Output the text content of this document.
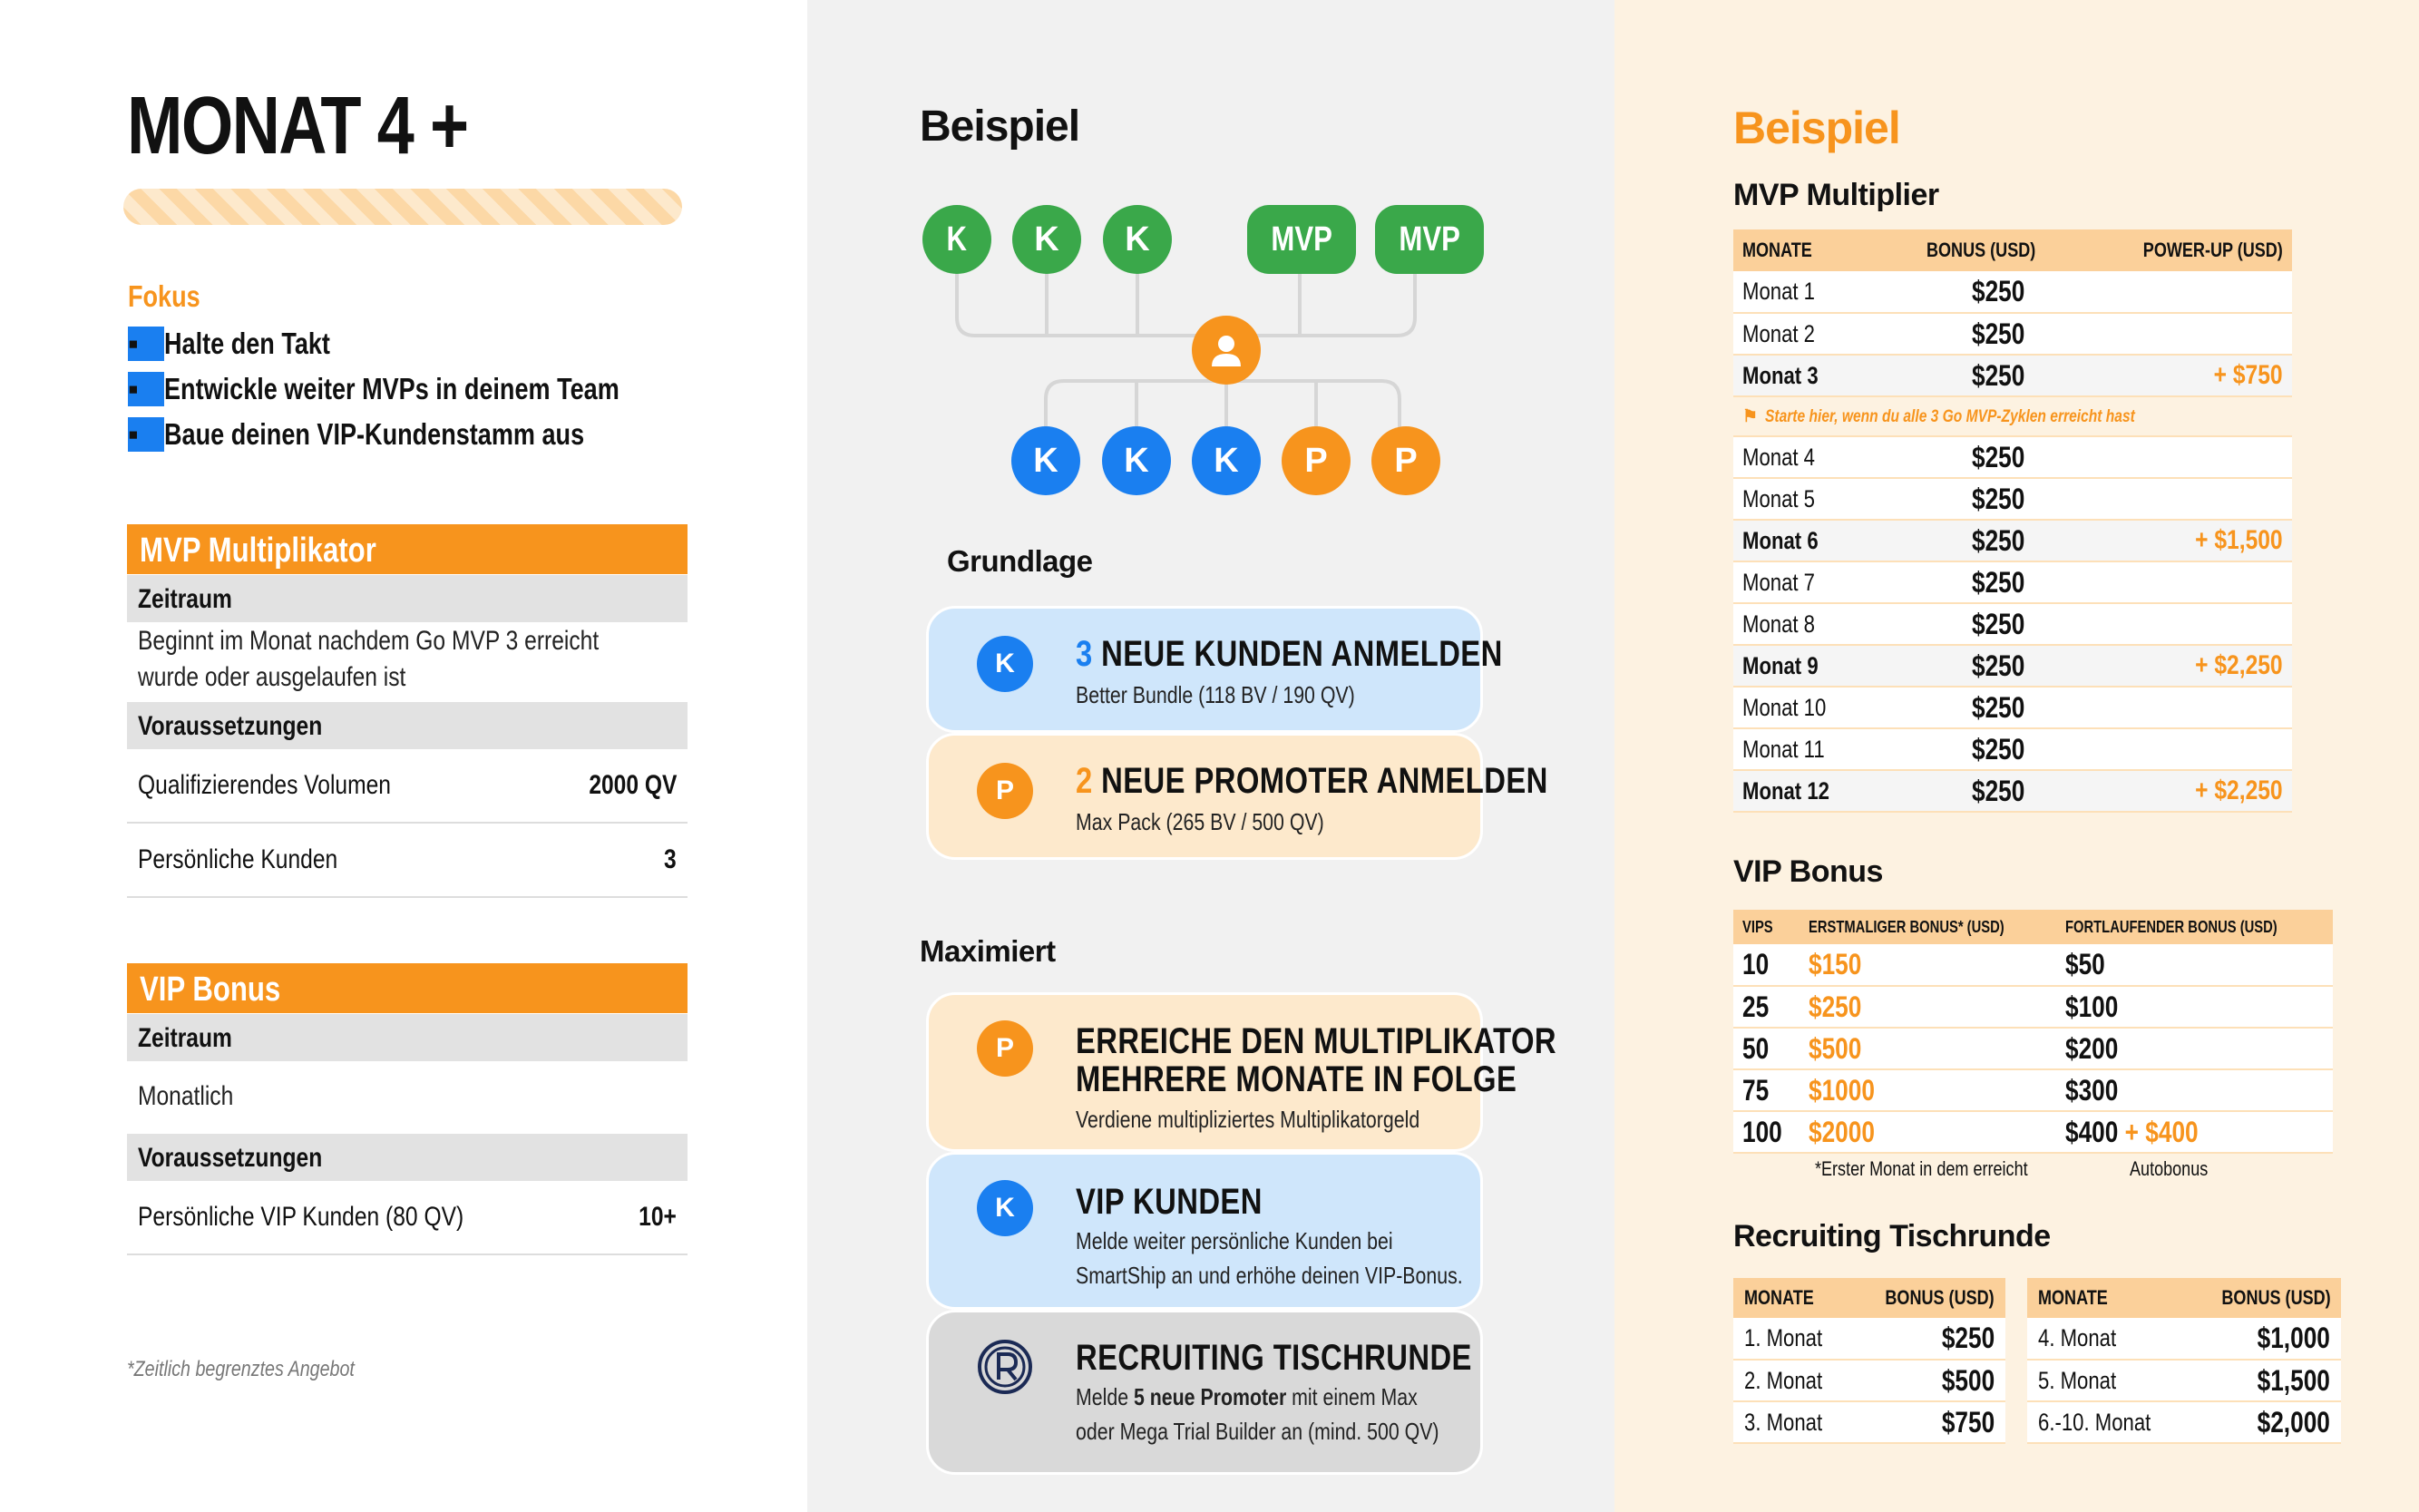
MONAT 4 +
Fokus
▪ Halte den Takt
▪ Entwickle weiter MVPs in deinem Team
▪ Baue deinen VIP-Kundenstamm aus
MVP Multiplikator
Zeitraum
Beginnt im Monat nachdem Go MVP 3 erreicht
wurde oder ausgelaufen ist
Voraussetzungen
Qualifizierendes Volumen	2000 QV
Persönliche Kunden	3
VIP Bonus
Zeitraum
Monatlich
Voraussetzungen
Persönliche VIP Kunden (80 QV)	10+
*Zeitlich begrenztes Angebot
Beispiel
K K K	MVP MVP
K K K P P
Grundlage
K 3 NEUE KUNDEN ANMELDEN
Better Bundle (118 BV / 190 QV)
P 2 NEUE PROMOTER ANMELDEN
Max Pack (265 BV / 500 QV)
Maximiert
P ERREICHE DEN MULTIPLIKATOR
MEHRERE MONATE IN FOLGE
Verdiene multipliziertes Multiplikatorgeld
K VIP KUNDEN
Melde weiter persönliche Kunden bei
SmartShip an und erhöhe deinen VIP-Bonus.
RECRUITING TISCHRUNDE
Melde 5 neue Promoter mit einem Max
oder Mega Trial Builder an (mind. 500 QV)
Beispiel
MVP Multiplier
MONATE	BONUS (USD)	POWER-UP (USD)
Monat 1	$250	
Monat 2	$250	
Monat 3	$250	+ $750
⚑ Starte hier, wenn du alle 3 Go MVP-Zyklen erreicht hast		
Monat 4	$250	
Monat 5	$250	
Monat 6	$250	+ $1,500
Monat 7	$250	
Monat 8	$250	
Monat 9	$250	+ $2,250
Monat 10	$250	
Monat 11	$250	
Monat 12	$250	+ $2,250
VIP Bonus
VIPS	ERSTMALIGER BONUS* (USD)	FORTLAUFENDER BONUS (USD)
10	$150	$50
25	$250	$100
50	$500	$200
75	$1000	$300
100	$2000	$400 + $400
*Erster Monat in dem erreicht	Autobonus
Recruiting Tischrunde
MONATE	BONUS (USD)
1. Monat	$250
2. Monat	$500
3. Monat	$750
MONATE	BONUS (USD)
4. Monat	$1,000
5. Monat	$1,500
6.-10. Monat	$2,000
